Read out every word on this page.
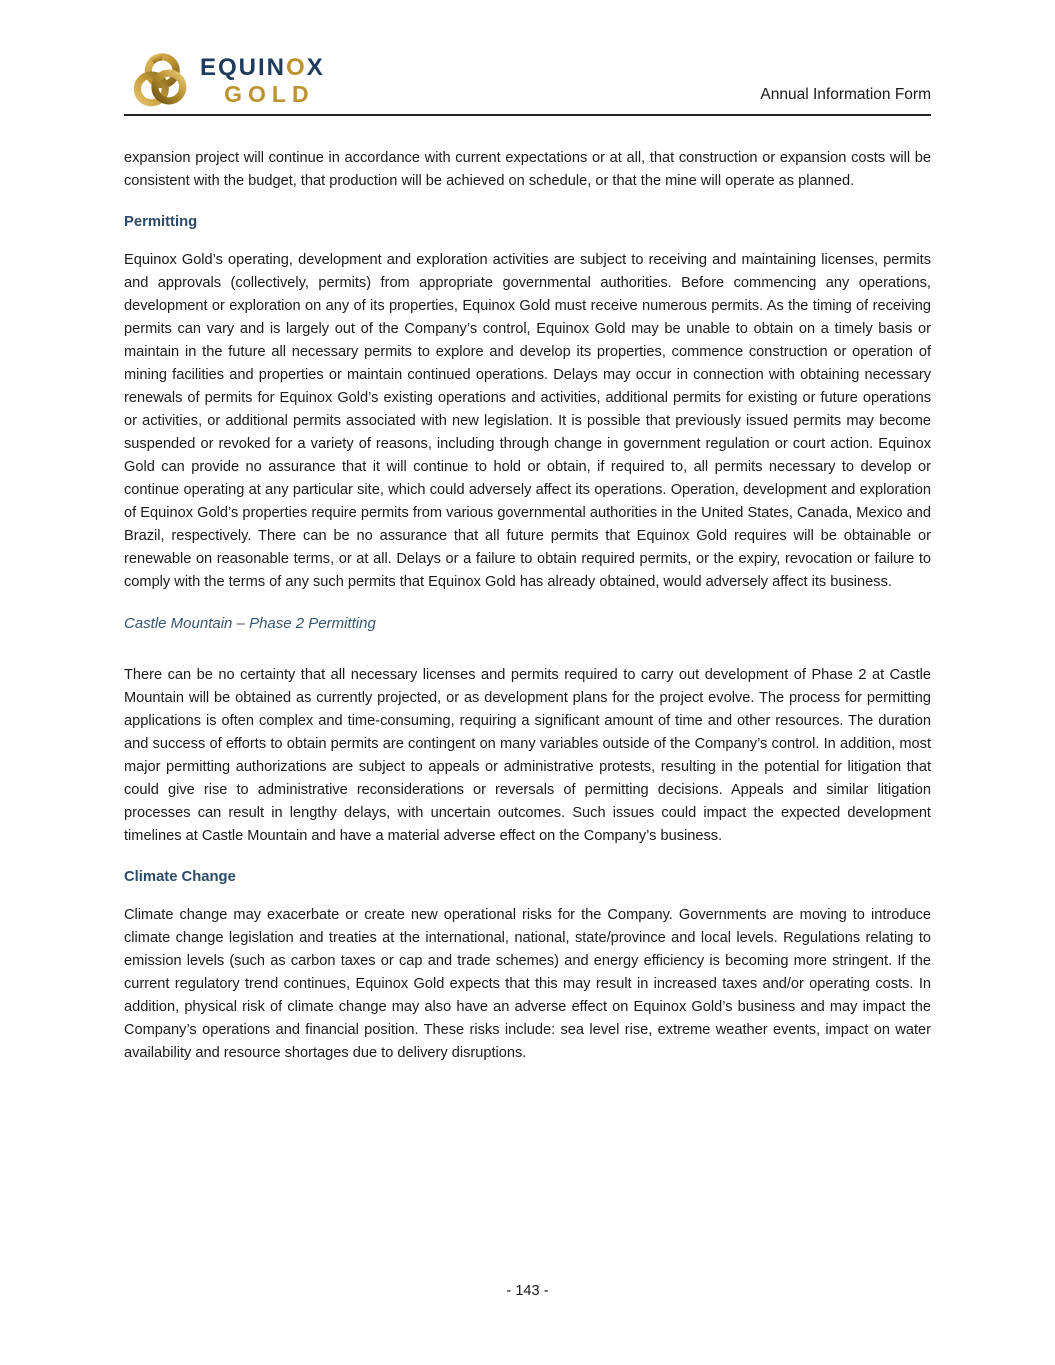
EQUINOX
GOLD	Annual Information Form

expansion project will continue in accordance with current expectations or at all, that construction or expansion costs will be consistent with the budget, that production will be achieved on schedule, or that the mine will operate as planned.

Permitting

Equinox Gold’s operating, development and exploration activities are subject to receiving and maintaining licenses, permits and approvals (collectively, permits) from appropriate governmental authorities. Before commencing any operations, development or exploration on any of its properties, Equinox Gold must receive numerous permits. As the timing of receiving permits can vary and is largely out of the Company’s control, Equinox Gold may be unable to obtain on a timely basis or maintain in the future all necessary permits to explore and develop its properties, commence construction or operation of mining facilities and properties or maintain continued operations. Delays may occur in connection with obtaining necessary renewals of permits for Equinox Gold’s existing operations and activities, additional permits for existing or future operations or activities, or additional permits associated with new legislation. It is possible that previously issued permits may become suspended or revoked for a variety of reasons, including through change in government regulation or court action. Equinox Gold can provide no assurance that it will continue to hold or obtain, if required to, all permits necessary to develop or continue operating at any particular site, which could adversely affect its operations. Operation, development and exploration of Equinox Gold’s properties require permits from various governmental authorities in the United States, Canada, Mexico and Brazil, respectively. There can be no assurance that all future permits that Equinox Gold requires will be obtainable or renewable on reasonable terms, or at all. Delays or a failure to obtain required permits, or the expiry, revocation or failure to comply with the terms of any such permits that Equinox Gold has already obtained, would adversely affect its business.

Castle Mountain – Phase 2 Permitting

There can be no certainty that all necessary licenses and permits required to carry out development of Phase 2 at Castle Mountain will be obtained as currently projected, or as development plans for the project evolve. The process for permitting applications is often complex and time-consuming, requiring a significant amount of time and other resources. The duration and success of efforts to obtain permits are contingent on many variables outside of the Company’s control. In addition, most major permitting authorizations are subject to appeals or administrative protests, resulting in the potential for litigation that could give rise to administrative reconsiderations or reversals of permitting decisions. Appeals and similar litigation processes can result in lengthy delays, with uncertain outcomes. Such issues could impact the expected development timelines at Castle Mountain and have a material adverse effect on the Company’s business.

Climate Change

Climate change may exacerbate or create new operational risks for the Company. Governments are moving to introduce climate change legislation and treaties at the international, national, state/province and local levels. Regulations relating to emission levels (such as carbon taxes or cap and trade schemes) and energy efficiency is becoming more stringent. If the current regulatory trend continues, Equinox Gold expects that this may result in increased taxes and/or operating costs. In addition, physical risk of climate change may also have an adverse effect on Equinox Gold’s business and may impact the Company’s operations and financial position. These risks include: sea level rise, extreme weather events, impact on water availability and resource shortages due to delivery disruptions.

- 143 -
